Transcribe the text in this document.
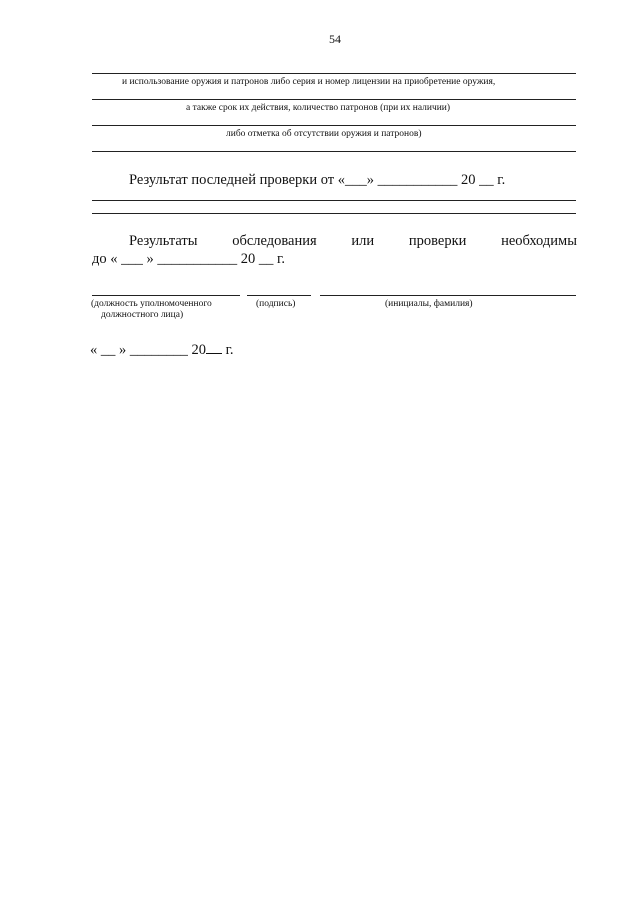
54
и использование оружия и патронов либо серия и номер лицензии на приобретение оружия,
а также срок их действия, количество патронов (при их наличии)
либо отметка об отсутствии оружия и патронов)
Результат последней проверки от «___» ___________ 20 __ г.
Результаты обследования или проверки необходимы
до « ___ » ___________ 20 __ г.
(должность уполномоченного
должностного лица)
(подпись)	(инициалы, фамилия)
« __ » ________ 20 г.
